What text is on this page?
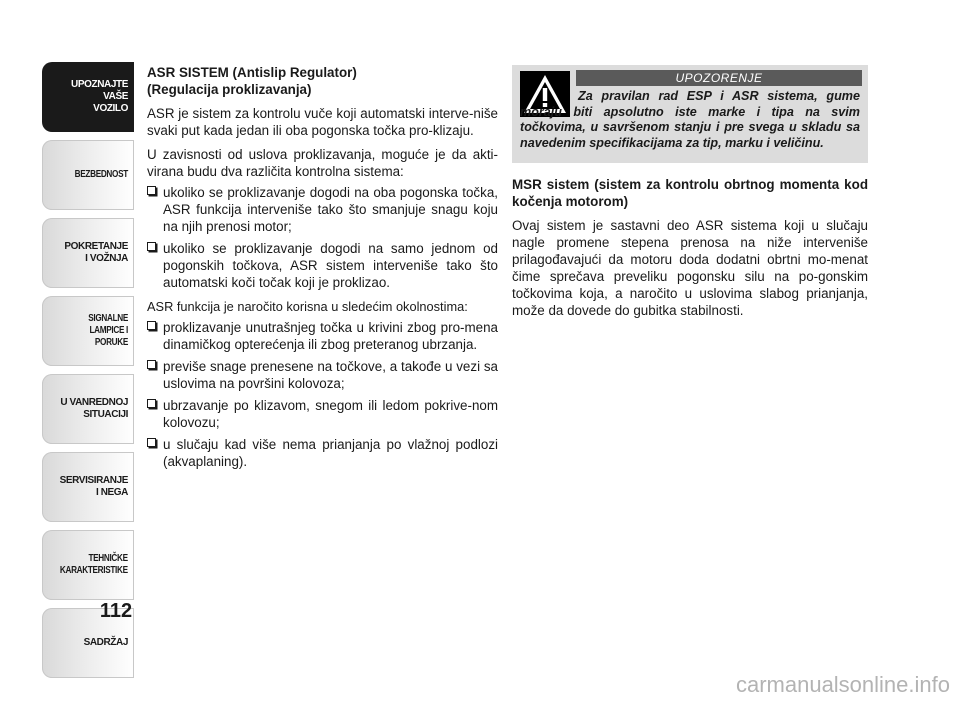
UPOZNAJTE
VAŠE
VOZILO
BEZBEDNOST
POKRETANJE
I VOŽNJA
SIGNALNE
LAMPICE I PORUKE
U VANREDNOJ
SITUACIJI
SERVISIRANJE
I NEGA
TEHNIČKE
KARAKTERISTIKE
SADRŽAJ
112
ASR SISTEM (Antislip Regulator)
(Regulacija proklizavanja)

ASR je sistem za kontrolu vuče koji automatski interve-niše svaki put kada jedan ili oba pogonska točka pro-klizaju.

U zavisnosti od uslova proklizavanja, moguće je da akti-virana budu dva različita kontrolna sistema:

ukoliko se proklizavanje dogodi na oba pogonska točka, ASR funkcija interveniše tako što smanjuje snagu koju na njih prenosi motor;
ukoliko se proklizavanje dogodi na samo jednom od pogonskih točkova, ASR sistem interveniše tako što automatski koči točak koji je proklizao.

ASR funkcija je naročito korisna u sledećim okolnostima:

proklizavanje unutrašnjeg točka u krivini zbog pro-mena dinamičkog opterećenja ili zbog preteranog ubrzanja.
previše snage prenesene na točkove, a takođe u vezi sa uslovima na površini kolovoza;
ubrzavanje po klizavom, snegom ili ledom pokrive-nom kolovozu;
u slučaju kad više nema prianjanja po vlažnoj podlozi (akvaplaning).
UPOZORENJE
Za pravilan rad ESP i ASR sistema, gume moraju biti apsolutno iste marke i tipa na svim točkovima, u savršenom stanju i pre svega u skladu sa navedenim specifikacijama za tip, marku i veličinu.
MSR sistem (sistem za kontrolu obrtnog momenta kod kočenja motorom)

Ovaj sistem je sastavni deo ASR sistema koji u slučaju nagle promene stepena prenosa na niže interveniše prilagođavajući da motoru doda dodatni obrtni mo-menat čime sprečava preveliku pogonsku silu na po-gonskim točkovima koja, a naročito u uslovima slabog prianjanja, može da dovede do gubitka stabilnosti.

carmanualsonline.info
